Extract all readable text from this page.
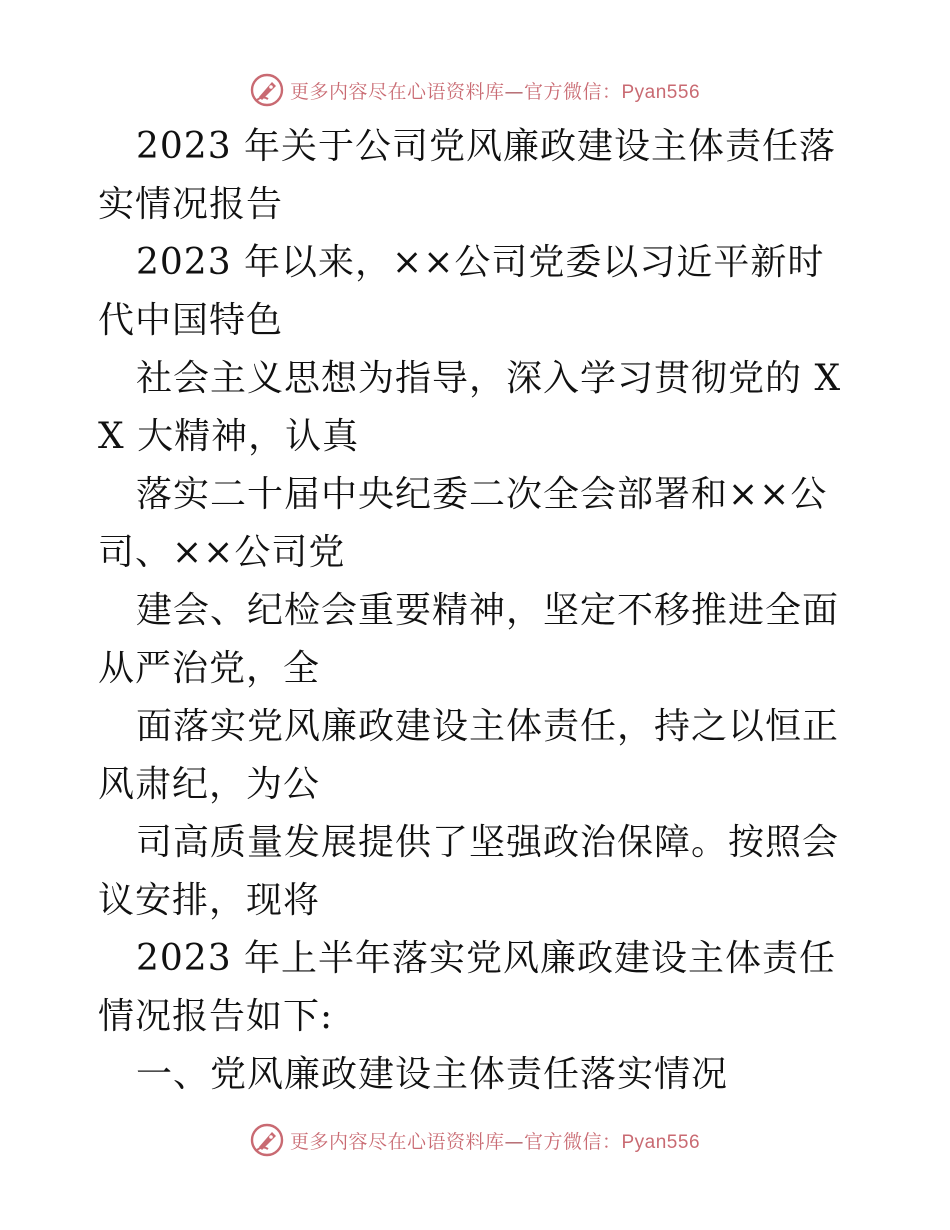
更多内容尽在心语资料库—官方微信：Pyan556

2023 年关于公司党风廉政建设主体责任落实情况报告

2023 年以来，××公司党委以习近平新时代中国特色

社会主义思想为指导，深入学习贯彻党的 XX 大精神，认真

落实二十届中央纪委二次全会部署和××公司、××公司党

建会、纪检会重要精神，坚定不移推进全面从严治党，全

面落实党风廉政建设主体责任，持之以恒正风肃纪，为公

司高质量发展提供了坚强政治保障。按照会议安排，现将

2023 年上半年落实党风廉政建设主体责任情况报告如下:

一、党风廉政建设主体责任落实情况

更多内容尽在心语资料库—官方微信：Pyan556
